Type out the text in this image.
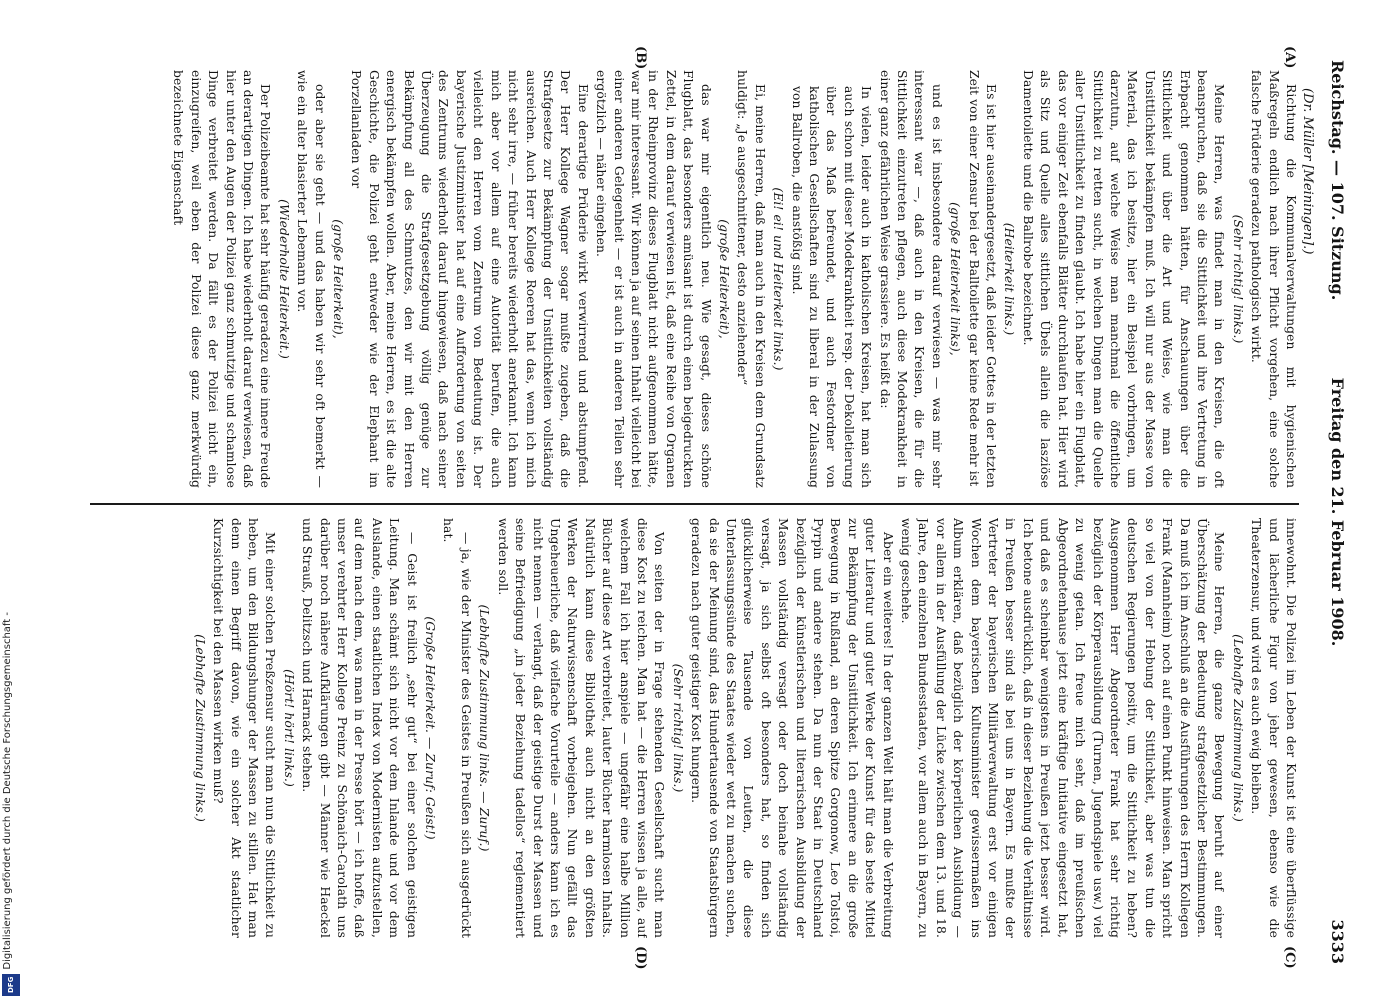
Reichstag. — 107. Sitzung.
Freitag den 21. Februar 1908.
3333
(Dr. Müller [Meiningen].)
(A)
(B)
(C)
(D)

Richtung die Kommunalverwaltungen mit hygienischen Maßregeln endlich nach ihrer Pflicht vorgehen, eine solche falsche Prüderie geradezu pathologisch wirkt.

(Sehr richtig! links.)

Meine Herren, was findet man in den Kreisen, die oft beanspruchen, daß sie die Sittlichkeit und ihre Vertretung in Erbpacht genommen hätten, für Anschauungen über die Sittlichkeit und über die Art und Weise, wie man die Unsittlichkeit bekämpfen muß. Ich will nur aus der Masse von Material, das ich besitze, hier ein Beispiel vorbringen, um darzutun, auf welche Weise man manchmal die öffentliche Sittlichkeit zu retten sucht, in welchen Dingen man die Quelle aller Unsittlichkeit zu finden glaubt. Ich habe hier ein Flugblatt, das vor einiger Zeit ebenfalls Blätter durchlaufen hat. Hier wird als Sitz und Quelle alles sittlichen Übels allein die lasziöse Damentoilette und die Ballrobe bezeichnet.

(Heiterkeit links.)

Es ist hier auseinandergesetzt, daß leider Gottes in der letzten Zeit von einer Zensur bei der Balltoilette gar keine Rede mehr ist

(große Heiterkeit links),

und es ist insbesondere darauf verwiesen — was mir sehr interessant war —, daß auch in den Kreisen, die für die Sittlichkeit einzutreten pflegen, auch diese Modekrankheit in einer ganz gefährlichen Weise grassiere. Es heißt da:

In vielen, leider auch in katholischen Kreisen, hat man sich auch schon mit dieser Modekrankheit resp. der Dekolletierung über das Maß befreundet, und auch Festordner von katholischen Gesellschaften sind zu liberal in der Zulassung von Ballroben, die anstößig sind.

(Ei! ei! und Heiterkeit links.)

Ei, meine Herren, daß man auch in den Kreisen dem Grundsatz huldigt: „Je ausgeschnittener, desto anziehender“

(große Heiterkeit),

das war mir eigentlich neu. Wie gesagt, dieses schöne Flugblatt, das besonders amüsant ist durch einen beigedruckten Zettel, in dem darauf verwiesen ist, daß eine Reihe von Organen in der Rheinprovinz dieses Flugblatt nicht aufgenommen hätte, war mir interessant. Wir können ja auf seinen Inhalt vielleicht bei einer anderen Gelegenheit — er ist auch in anderen Teilen sehr ergötzlich — näher eingehen.

Eine derartige Prüderie wirkt verwirrend und abstumpfend. Der Herr Kollege Wagner sogar mußte zugeben, daß die Strafgesetze zur Bekämpfung der Unsittlichkeiten vollständig ausreichen. Auch Herr Kollege Roeren hat das, wenn ich mich nicht sehr irre, — früher bereits wiederholt anerkannt. Ich kann mich aber vor allem auf eine Autorität berufen, die auch vielleicht den Herren vom Zentrum von Bedeutung ist. Der bayerische Justizminister hat auf eine Aufforderung von seiten des Zentrums wiederholt darauf hingewiesen, daß nach seiner Überzeugung die Strafgesetzgebung völlig genüge zur Bekämpfung all des Schmutzes, den wir mit den Herren energisch bekämpfen wollen. Aber, meine Herren, es ist die alte Geschichte, die Polizei geht entweder wie der Elephant im Porzellanladen vor

(große Heiterkeit),

oder aber sie geht — und das haben wir sehr oft bemerkt — wie ein alter blasierter Lebemann vor.

(Wiederholte Heiterkeit.)

Der Polizeibeamte hat sehr häufig geradezu eine innere Freude an derartigen Dingen. Ich habe wiederholt darauf verwiesen, daß hier unter den Augen der Polizei ganz schmutzige und schamlose Dinge verbreitet werden. Da fällt es der Polizei nicht ein, einzugreifen, weil eben der Polizei diese ganz merkwürdig bezeichnete Eigenschaft

innewohnt. Die Polizei im Leben der Kunst ist eine überflüssige und lächerliche Figur von jeher gewesen, ebenso wie die Theaterzensur, und wird es auch ewig bleiben.

(Lebhafte Zustimmung links.)

Meine Herren, die ganze Bewegung beruht auf einer Überschätzung der Bedeutung strafgesetzlicher Bestimmungen. Da muß ich im Anschluß an die Ausführungen des Herrn Kollegen Frank (Mannheim) noch auf einen Punkt hinweisen. Man spricht so viel von der Hebung der Sittlichkeit, aber was tun die deutschen Regierungen positiv, um die Sittlichkeit zu heben? Ausgenommen Herr Abgeordneter Frank hat sehr richtig bezüglich der Körperausbildung (Turnen, Jugendspiele usw.) viel zu wenig getan. Ich freue mich sehr, daß im preußischen Abgeordnetenhause jetzt eine kräftige Initiative eingesetzt hat, und daß es scheinbar wenigstens in Preußen jetzt besser wird. Ich betone ausdrücklich, daß in dieser Beziehung die Verhältnisse in Preußen besser sind als bei uns in Bayern. Es mußte der Vertreter der bayerischen Militärverwaltung erst vor einigen Wochen dem bayerischen Kultusminister gewissermaßen ins Album erklären, daß bezüglich der körperlichen Ausbildung — vor allem in der Ausfüllung der Lücke zwischen dem 13. und 18. Jahre, den einzelnen Bundesstaaten, vor allem auch in Bayern, zu wenig geschehe.

Aber ein weiteres! In der ganzen Welt hält man die Verbreitung guter Literatur und guter Werke der Kunst für das beste Mittel zur Bekämpfung der Unsittlichkeit. Ich erinnere an die große Bewegung in Rußland, an deren Spitze Gorgonow, Leo Tolstoi, Pyrpin und andere stehen. Da nun der Staat in Deutschland bezüglich der künstlerischen und literarischen Ausbildung der Massen vollständig versagt oder doch beinahe vollständig versagt, ja sich selbst oft besonders hat, so finden sich glücklicherweise Tausende von Leuten, die diese Unterlassungssünde des Staates wieder wett zu machen suchen, da sie der Meinung sind, das Hundertausende von Staatsbürgern geradezu nach guter geistiger Kost hungern.

(Sehr richtig! links.)

Von seiten der in Frage stehenden Gesellschaft sucht man diese Kost zu reichen. Man hat — die Herren wissen ja alle, auf welchem Fall ich hier anspiele — ungefähr eine halbe Million Bücher auf diese Art verbreitet, lauter Bücher harmlosen Inhalts. Natürlich kann diese Bibliothek auch nicht an den größten Werken der Naturwissenschaft vorbeigehen. Nun gefällt das Ungeheuerliche, daß vielfache Vorurteile — anders kann ich es nicht nennen — verlangt, daß der geistige Durst der Massen und seine Befriedigung „in jeder Beziehung tadellos“ reglementiert werden soll.

(Lebhafte Zustimmung links. — Zuruf.)

— ja, wie der Minister des Geistes in Preußen sich ausgedrückt hat.

(Große Heiterkeit. — Zuruf: Geist!)

— Geist ist freilich „sehr gut“ bei einer solchen geistigen Leitung. Man schämt sich nicht vor dem Inlande und vor dem Auslande, einen staatlichen Index von Modernisten aufzustellen, auf dem nach dem, was man in der Presse hört — ich hoffe, daß unser verehrter Herr Kollege Preinz zu Schönaich-Carolath uns darüber noch nähere Aufklärungen gibt — Männer wie Haeckel und Strauß, Delitzsch und Harnack stehen.

(Hört! hört! links.)

Mit einer solchen Preßzensur sucht man nun die Sittlichkeit zu heben, um den Bildungshunger der Massen zu stillen. Hat man denn einen Begriff davon, wie ein solcher Akt staatlicher Kurzsichtigkeit bei den Massen wirken muß?

(Lebhafte Zustimmung links.)

Digitalisierung gefördert durch die Deutsche Forschungsgemeinschaft -
DFG
